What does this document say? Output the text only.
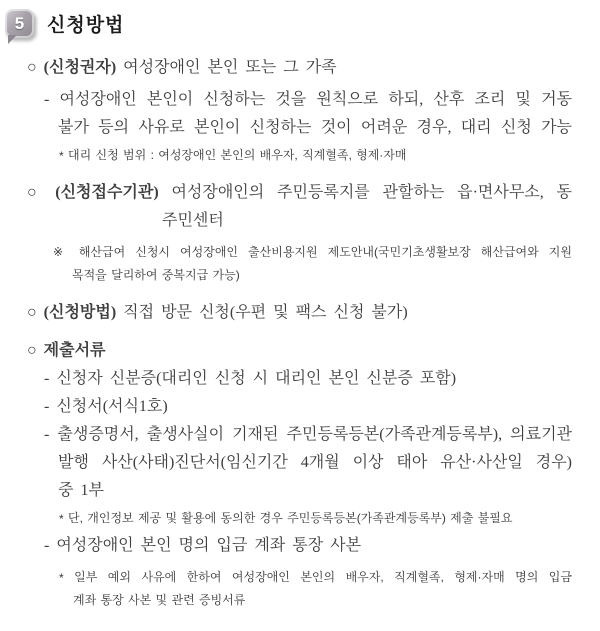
5 신청방법
○ (신청권자) 여성장애인 본인 또는 그 가족
- 여성장애인 본인이 신청하는 것을 원칙으로 하되, 산후 조리 및 거동
불가 등의 사유로 본인이 신청하는 것이 어려운 경우, 대리 신청 가능
* 대리 신청 범위 : 여성장애인 본인의 배우자, 직계혈족, 형제·자매
○ (신청접수기관) 여성장애인의 주민등록지를 관할하는 읍·면사무소, 동
주민센터
※ 해산급여 신청시 여성장애인 출산비용지원 제도안내(국민기초생활보장 해산급여와 지원
목적을 달리하여 중복지급 가능)
○ (신청방법) 직접 방문 신청(우편 및 팩스 신청 불가)
○ 제출서류
- 신청자 신분증(대리인 신청 시 대리인 본인 신분증 포함)
- 신청서(서식1호)
- 출생증명서, 출생사실이 기재된 주민등록등본(가족관계등록부), 의료기관
발행 사산(사태)진단서(임신기간 4개월 이상 태아 유산·사산일 경우)
중 1부
* 단, 개인정보 제공 및 활용에 동의한 경우 주민등록등본(가족관계등록부) 제출 불필요
- 여성장애인 본인 명의 입금 계좌 통장 사본
* 일부 예외 사유에 한하여 여성장애인 본인의 배우자, 직계혈족, 형제·자매 명의 입금
계좌 통장 사본 및 관련 증빙서류
